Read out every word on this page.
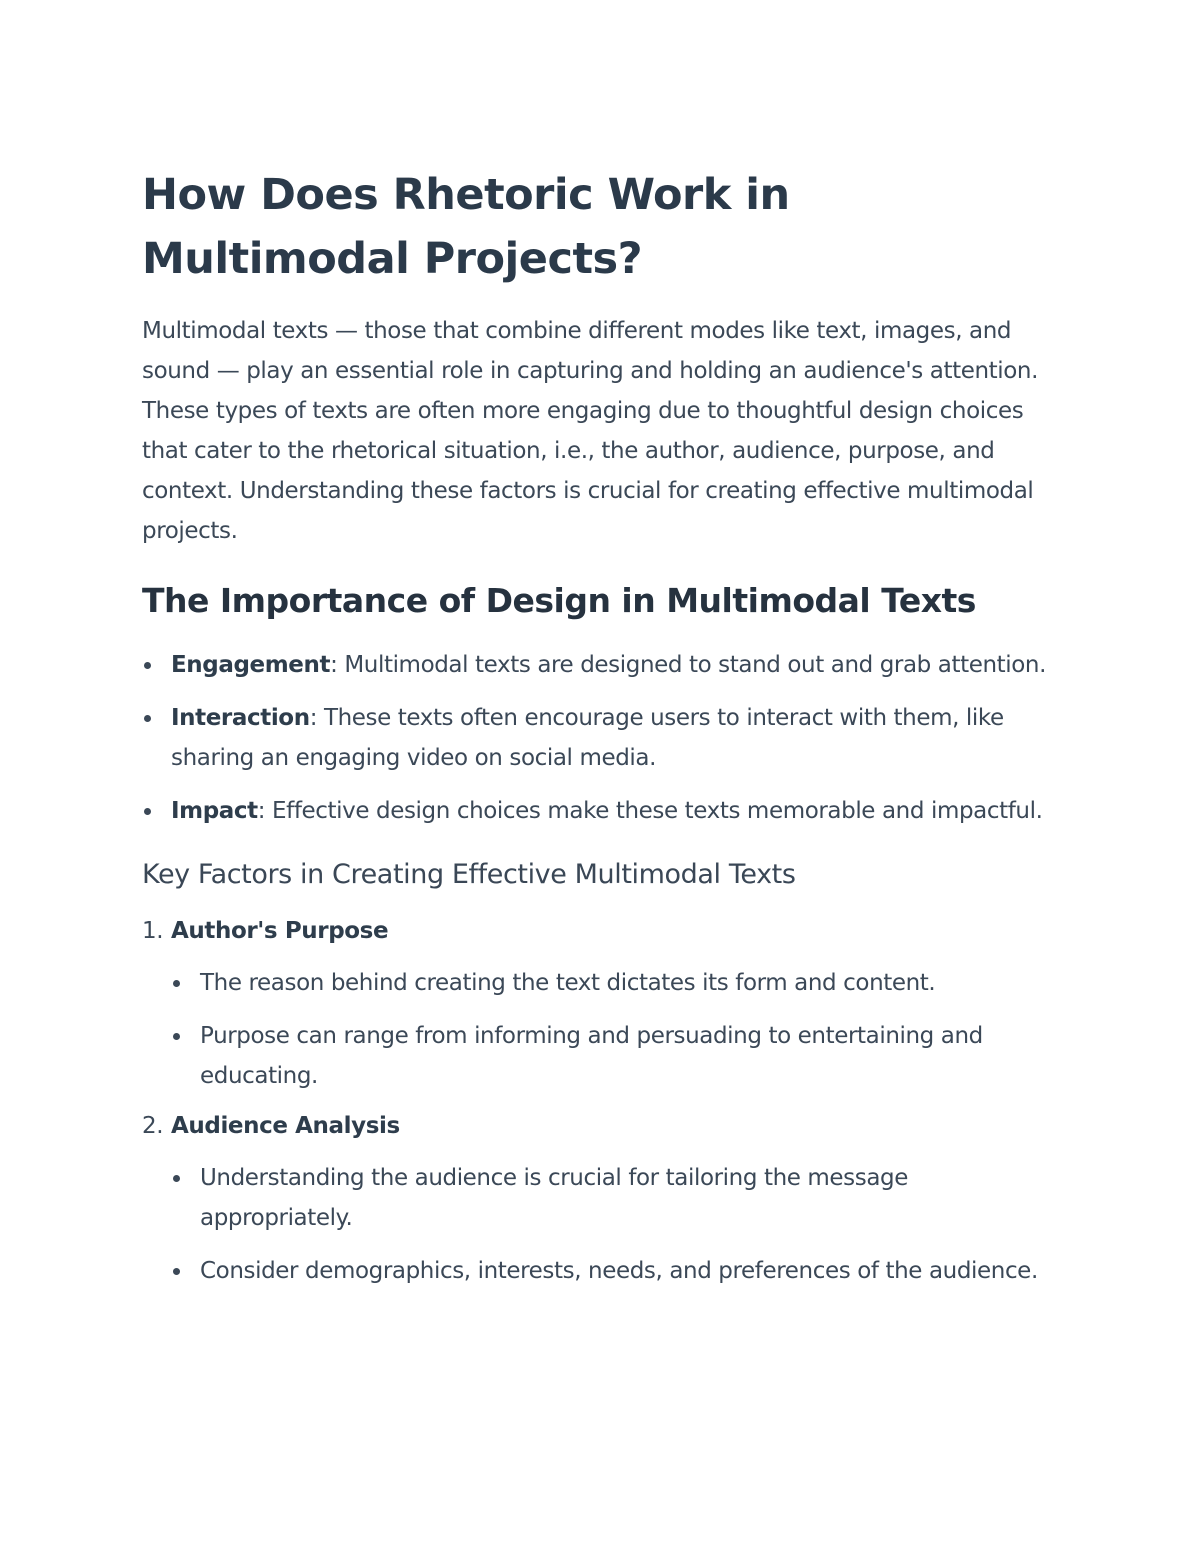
How Does Rhetoric Work in Multimodal Projects?

Multimodal texts — those that combine different modes like text, images, and sound — play an essential role in capturing and holding an audience's attention. These types of texts are often more engaging due to thoughtful design choices that cater to the rhetorical situation, i.e., the author, audience, purpose, and context. Understanding these factors is crucial for creating effective multimodal projects.

The Importance of Design in Multimodal Texts
Engagement: Multimodal texts are designed to stand out and grab attention.
Interaction: These texts often encourage users to interact with them, like sharing an engaging video on social media.
Impact: Effective design choices make these texts memorable and impactful.
Key Factors in Creating Effective Multimodal Texts
1. Author's Purpose
The reason behind creating the text dictates its form and content.
Purpose can range from informing and persuading to entertaining and educating.
2. Audience Analysis
Understanding the audience is crucial for tailoring the message appropriately.
Consider demographics, interests, needs, and preferences of the audience.
